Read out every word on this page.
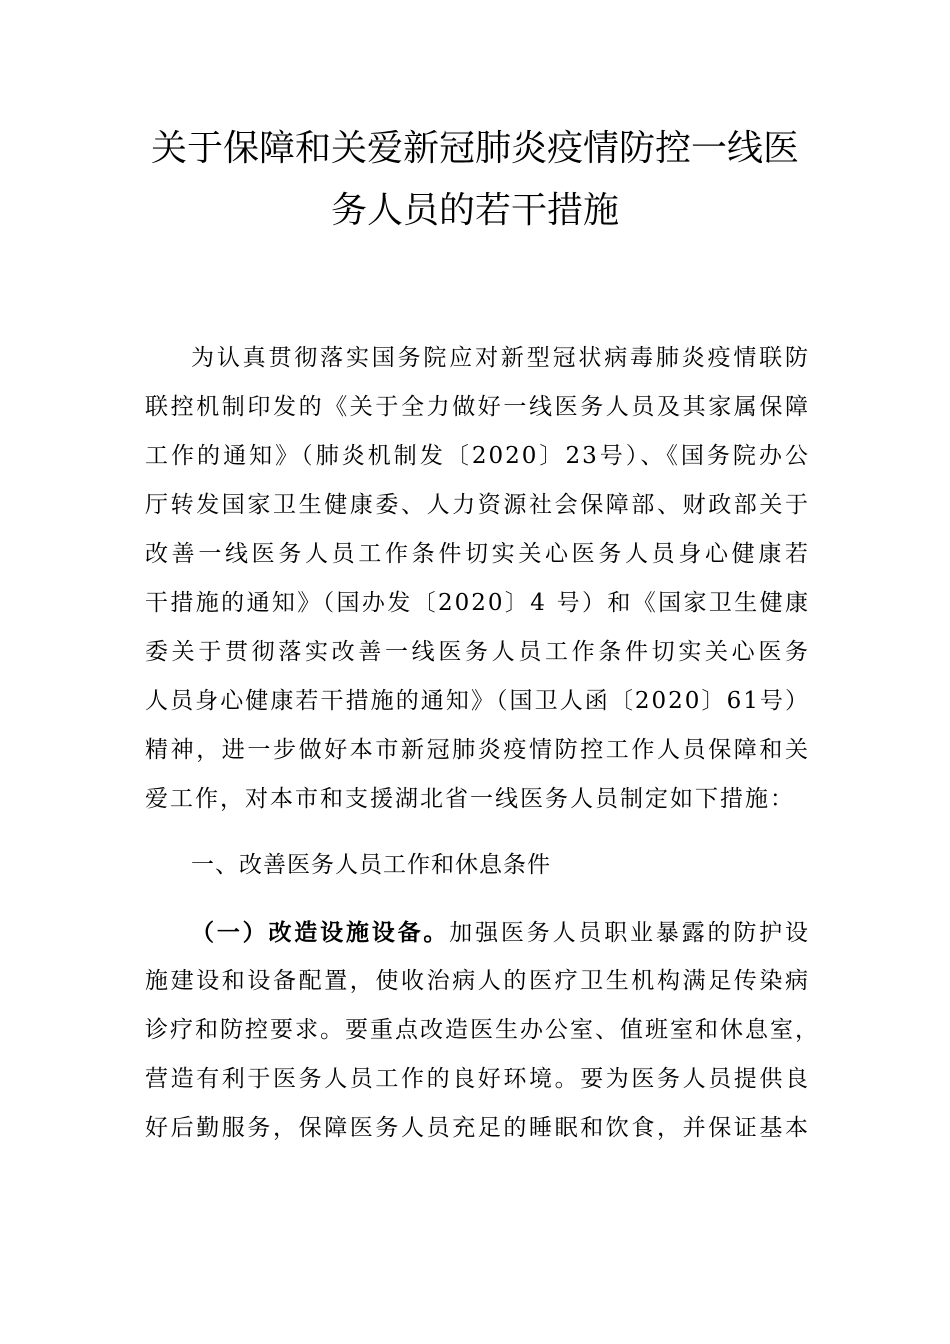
关于保障和关爱新冠肺炎疫情防控一线医
务人员的若干措施
为认真贯彻落实国务院应对新型冠状病毒肺炎疫情联防
联控机制印发的《关于全力做好一线医务人员及其家属保障
工作的通知》（肺炎机制发〔2020〕23号）、《国务院办公
厅转发国家卫生健康委、人力资源社会保障部、财政部关于
改善一线医务人员工作条件切实关心医务人员身心健康若
干措施的通知》（国办发〔2020〕4 号）和《国家卫生健康
委关于贯彻落实改善一线医务人员工作条件切实关心医务
人员身心健康若干措施的通知》（国卫人函〔2020〕61号）
精神，进一步做好本市新冠肺炎疫情防控工作人员保障和关
爱工作，对本市和支援湖北省一线医务人员制定如下措施：
一、改善医务人员工作和休息条件
（一）改造设施设备。加强医务人员职业暴露的防护设
施建设和设备配置，使收治病人的医疗卫生机构满足传染病
诊疗和防控要求。要重点改造医生办公室、值班室和休息室，
营造有利于医务人员工作的良好环境。要为医务人员提供良
好后勤服务，保障医务人员充足的睡眠和饮食，并保证基本
